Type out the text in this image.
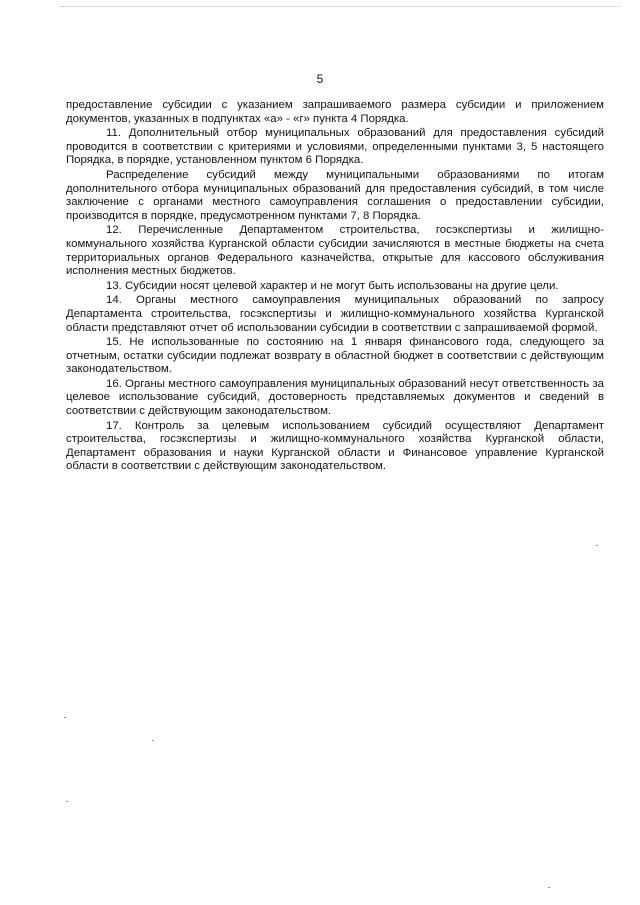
5

предоставление субсидии с указанием запрашиваемого размера субсидии и приложением документов, указанных в подпунктах «а» - «г» пункта 4 Порядка.

11. Дополнительный отбор муниципальных образований для предоставления субсидий проводится в соответствии с критериями и условиями, определенными пунктами 3, 5 настоящего Порядка, в порядке, установленном пунктом 6 Порядка.

Распределение субсидий между муниципальными образованиями по итогам дополнительного отбора муниципальных образований для предоставления субсидий, в том числе заключение с органами местного самоуправления соглашения о предоставлении субсидии, производится в порядке, предусмотренном пунктами 7, 8 Порядка.

12. Перечисленные Департаментом строительства, госэкспертизы и жилищно-коммунального хозяйства Курганской области субсидии зачисляются в местные бюджеты на счета территориальных органов Федерального казначейства, открытые для кассового обслуживания исполнения местных бюджетов.

13. Субсидии носят целевой характер и не могут быть использованы на другие цели.

14. Органы местного самоуправления муниципальных образований по запросу Департамента строительства, госэкспертизы и жилищно-коммунального хозяйства Курганской области представляют отчет об использовании субсидии в соответствии с запрашиваемой формой.

15. Не использованные по состоянию на 1 января финансового года, следующего за отчетным, остатки субсидии подлежат возврату в областной бюджет в соответствии с действующим законодательством.

16. Органы местного самоуправления муниципальных образований несут ответственность за целевое использование субсидий, достоверность представляемых документов и сведений в соответствии с действующим законодательством.

17. Контроль за целевым использованием субсидий осуществляют Департамент строительства, госэкспертизы и жилищно-коммунального хозяйства Курганской области, Департамент образования и науки Курганской области и Финансовое управление Курганской области в соответствии с действующим законодательством.
